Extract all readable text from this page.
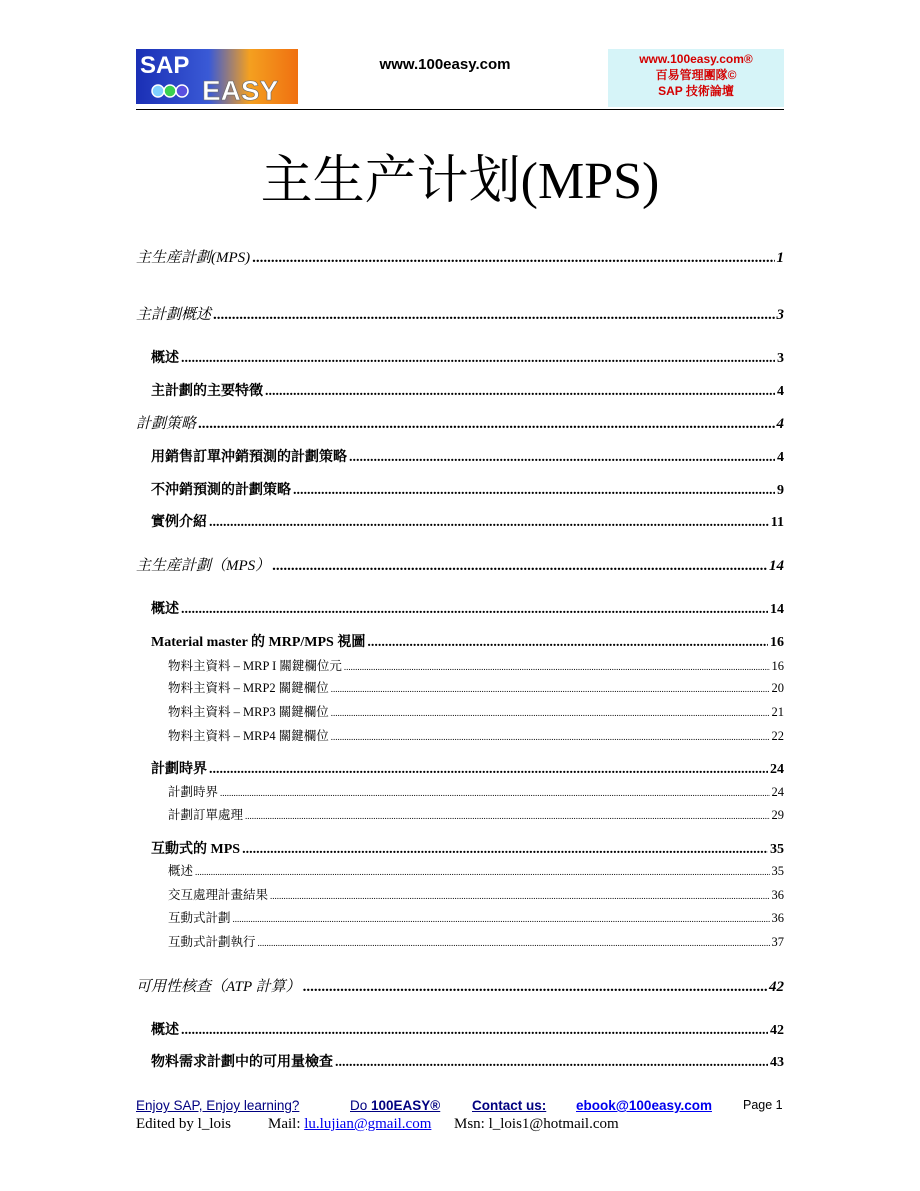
SAP
EASY
www.100easy.com	www.100easy.com®
百易管理團隊©
SAP 技術論壇
主生产计划(MPS)
主生産計劃(MPS) .....	1
主計劃概述 .....	3
概述 .....	3
主計劃的主要特徵 .....	4
計劃策略 .....	4
用銷售訂單沖銷預測的計劃策略 .....	4
不沖銷預測的計劃策略 .....	9
實例介紹 .....	11
主生産計劃（MPS） .....	14
概述 .....	14
Material master 的 MRP/MPS 視圖 .....	16
物料主資料 – MRP I 關鍵欄位元 .....	16
物料主資料 – MRP2 關鍵欄位 .....	20
物料主資料 – MRP3 關鍵欄位 .....	21
物料主資料 – MRP4 關鍵欄位 .....	22
計劃時界 .....	24
計劃時界 .....	24
計劃訂單處理 .....	29
互動式的 MPS .....	35
概述 .....	35
交互處理計畫結果 .....	36
互動式計劃 .....	36
互動式計劃執行 .....	37
可用性核查（ATP 計算） .....	42
概述 .....	42
物料需求計劃中的可用量檢查 .....	43
Enjoy SAP, Enjoy learning?	Do 100EASY® Contact us: ebook@100easy.com Page 1
Edited by l_lois Mail: lu.lujian@gmail.com Msn: l_lois1@hotmail.com
